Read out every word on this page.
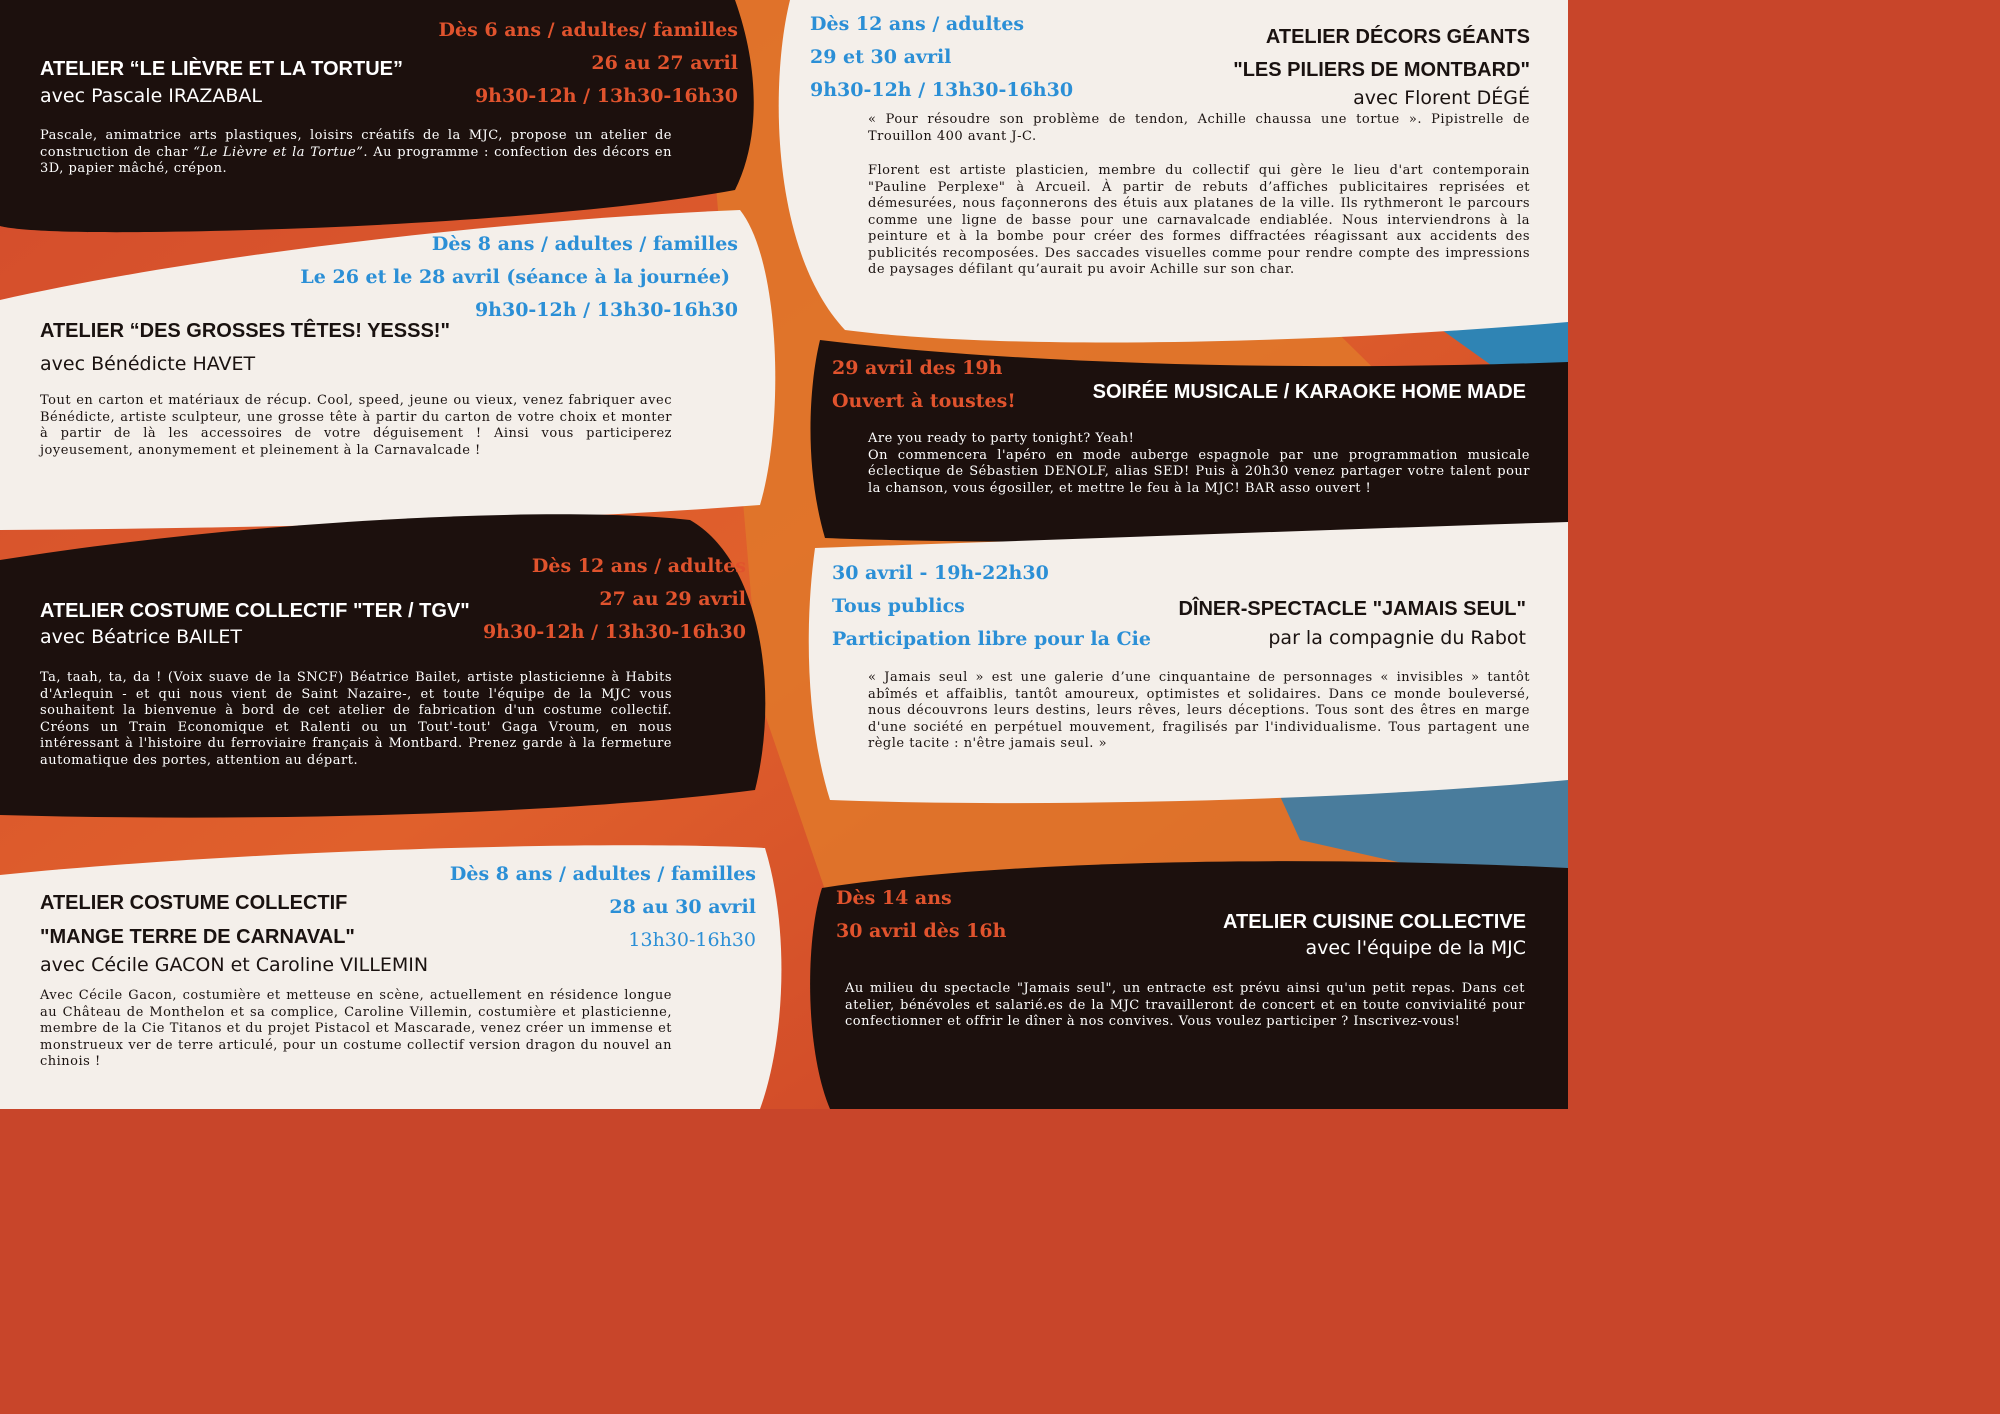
Dès 6 ans / adultes/ familles
26 au 27 avril
9h30-12h / 13h30-16h30
ATELIER “LE LIÈVRE ET LA TORTUE”
avec Pascale IRAZABAL
Pascale, animatrice arts plastiques, loisirs créatifs de la MJC, propose un atelier de construction de char “Le Lièvre et la Tortue”. Au programme : confection des décors en 3D, papier mâché, crépon.
Dès 8 ans / adultes / familles
Le 26 et le 28 avril (séance à la journée)
9h30-12h / 13h30-16h30
ATELIER “DES GROSSES TÊTES! YESSS!"
avec Bénédicte HAVET
Tout en carton et matériaux de récup. Cool, speed, jeune ou vieux, venez fabriquer avec Bénédicte, artiste sculpteur, une grosse tête à partir du carton de votre choix et monter à partir de là les accessoires de votre déguisement ! Ainsi vous participerez joyeusement, anonymement et pleinement à la Carnavalcade !
Dès 12 ans / adultes
27 au 29 avril
9h30-12h / 13h30-16h30
ATELIER COSTUME COLLECTIF "TER / TGV"
avec Béatrice BAILET
Ta, taah, ta, da ! (Voix suave de la SNCF) Béatrice Bailet, artiste plasticienne à Habits d'Arlequin - et qui nous vient de Saint Nazaire-, et toute l'équipe de la MJC vous souhaitent la bienvenue à bord de cet atelier de fabrication d'un costume collectif. Créons un Train Economique et Ralenti ou un Tout'-tout' Gaga Vroum, en nous intéressant à l'histoire du ferroviaire français à Montbard. Prenez garde à la fermeture automatique des portes, attention au départ.
Dès 8 ans / adultes / familles
28 au 30 avril
13h30-16h30
ATELIER COSTUME COLLECTIF
"MANGE TERRE DE CARNAVAL"
avec Cécile GACON et Caroline VILLEMIN
Avec Cécile Gacon, costumière et metteuse en scène, actuellement en résidence longue au Château de Monthelon et sa complice, Caroline Villemin, costumière et plasticienne, membre de la Cie Titanos et du projet Pistacol et Mascarade, venez créer un immense et monstrueux ver de terre articulé, pour un costume collectif version dragon du nouvel an chinois !
Dès 12 ans / adultes
29 et 30 avril
9h30-12h / 13h30-16h30
ATELIER DÉCORS GÉANTS
"LES PILIERS DE MONTBARD"
avec Florent DÉGÉ
« Pour résoudre son problème de tendon, Achille chaussa une tortue ». Pipistrelle de Trouillon 400 avant J-C.
Florent est artiste plasticien, membre du collectif qui gère le lieu d'art contemporain "Pauline Perplexe" à Arcueil. À partir de rebuts d’affiches publicitaires reprisées et démesurées, nous façonnerons des étuis aux platanes de la ville. Ils rythmeront le parcours comme une ligne de basse pour une carnavalcade endiablée. Nous interviendrons à la peinture et à la bombe pour créer des formes diffractées réagissant aux accidents des publicités recomposées. Des saccades visuelles comme pour rendre compte des impressions de paysages défilant qu’aurait pu avoir Achille sur son char.
29 avril des 19h
Ouvert à toustes!	SOIRÉE MUSICALE / KARAOKE HOME MADE
Are you ready to party tonight? Yeah!
On commencera l'apéro en mode auberge espagnole par une programmation musicale éclectique de Sébastien DENOLF, alias SED! Puis à 20h30 venez partager votre talent pour la chanson, vous égosiller, et mettre le feu à la MJC! BAR asso ouvert !
30 avril - 19h-22h30
Tous publics
Participation libre pour la Cie
DÎNER-SPECTACLE "JAMAIS SEUL"
par la compagnie du Rabot
« Jamais seul » est une galerie d’une cinquantaine de personnages « invisibles » tantôt abîmés et affaiblis, tantôt amoureux, optimistes et solidaires. Dans ce monde bouleversé, nous découvrons leurs destins, leurs rêves, leurs déceptions. Tous sont des êtres en marge d'une société en perpétuel mouvement, fragilisés par l'individualisme. Tous partagent une règle tacite : n'être jamais seul. »
Dès 14 ans
30 avril dès 16h	ATELIER CUISINE COLLECTIVE
avec l'équipe de la MJC
Au milieu du spectacle "Jamais seul", un entracte est prévu ainsi qu'un petit repas. Dans cet atelier, bénévoles et salarié.es de la MJC travailleront de concert et en toute convivialité pour confectionner et offrir le dîner à nos convives. Vous voulez participer ? Inscrivez-vous!
